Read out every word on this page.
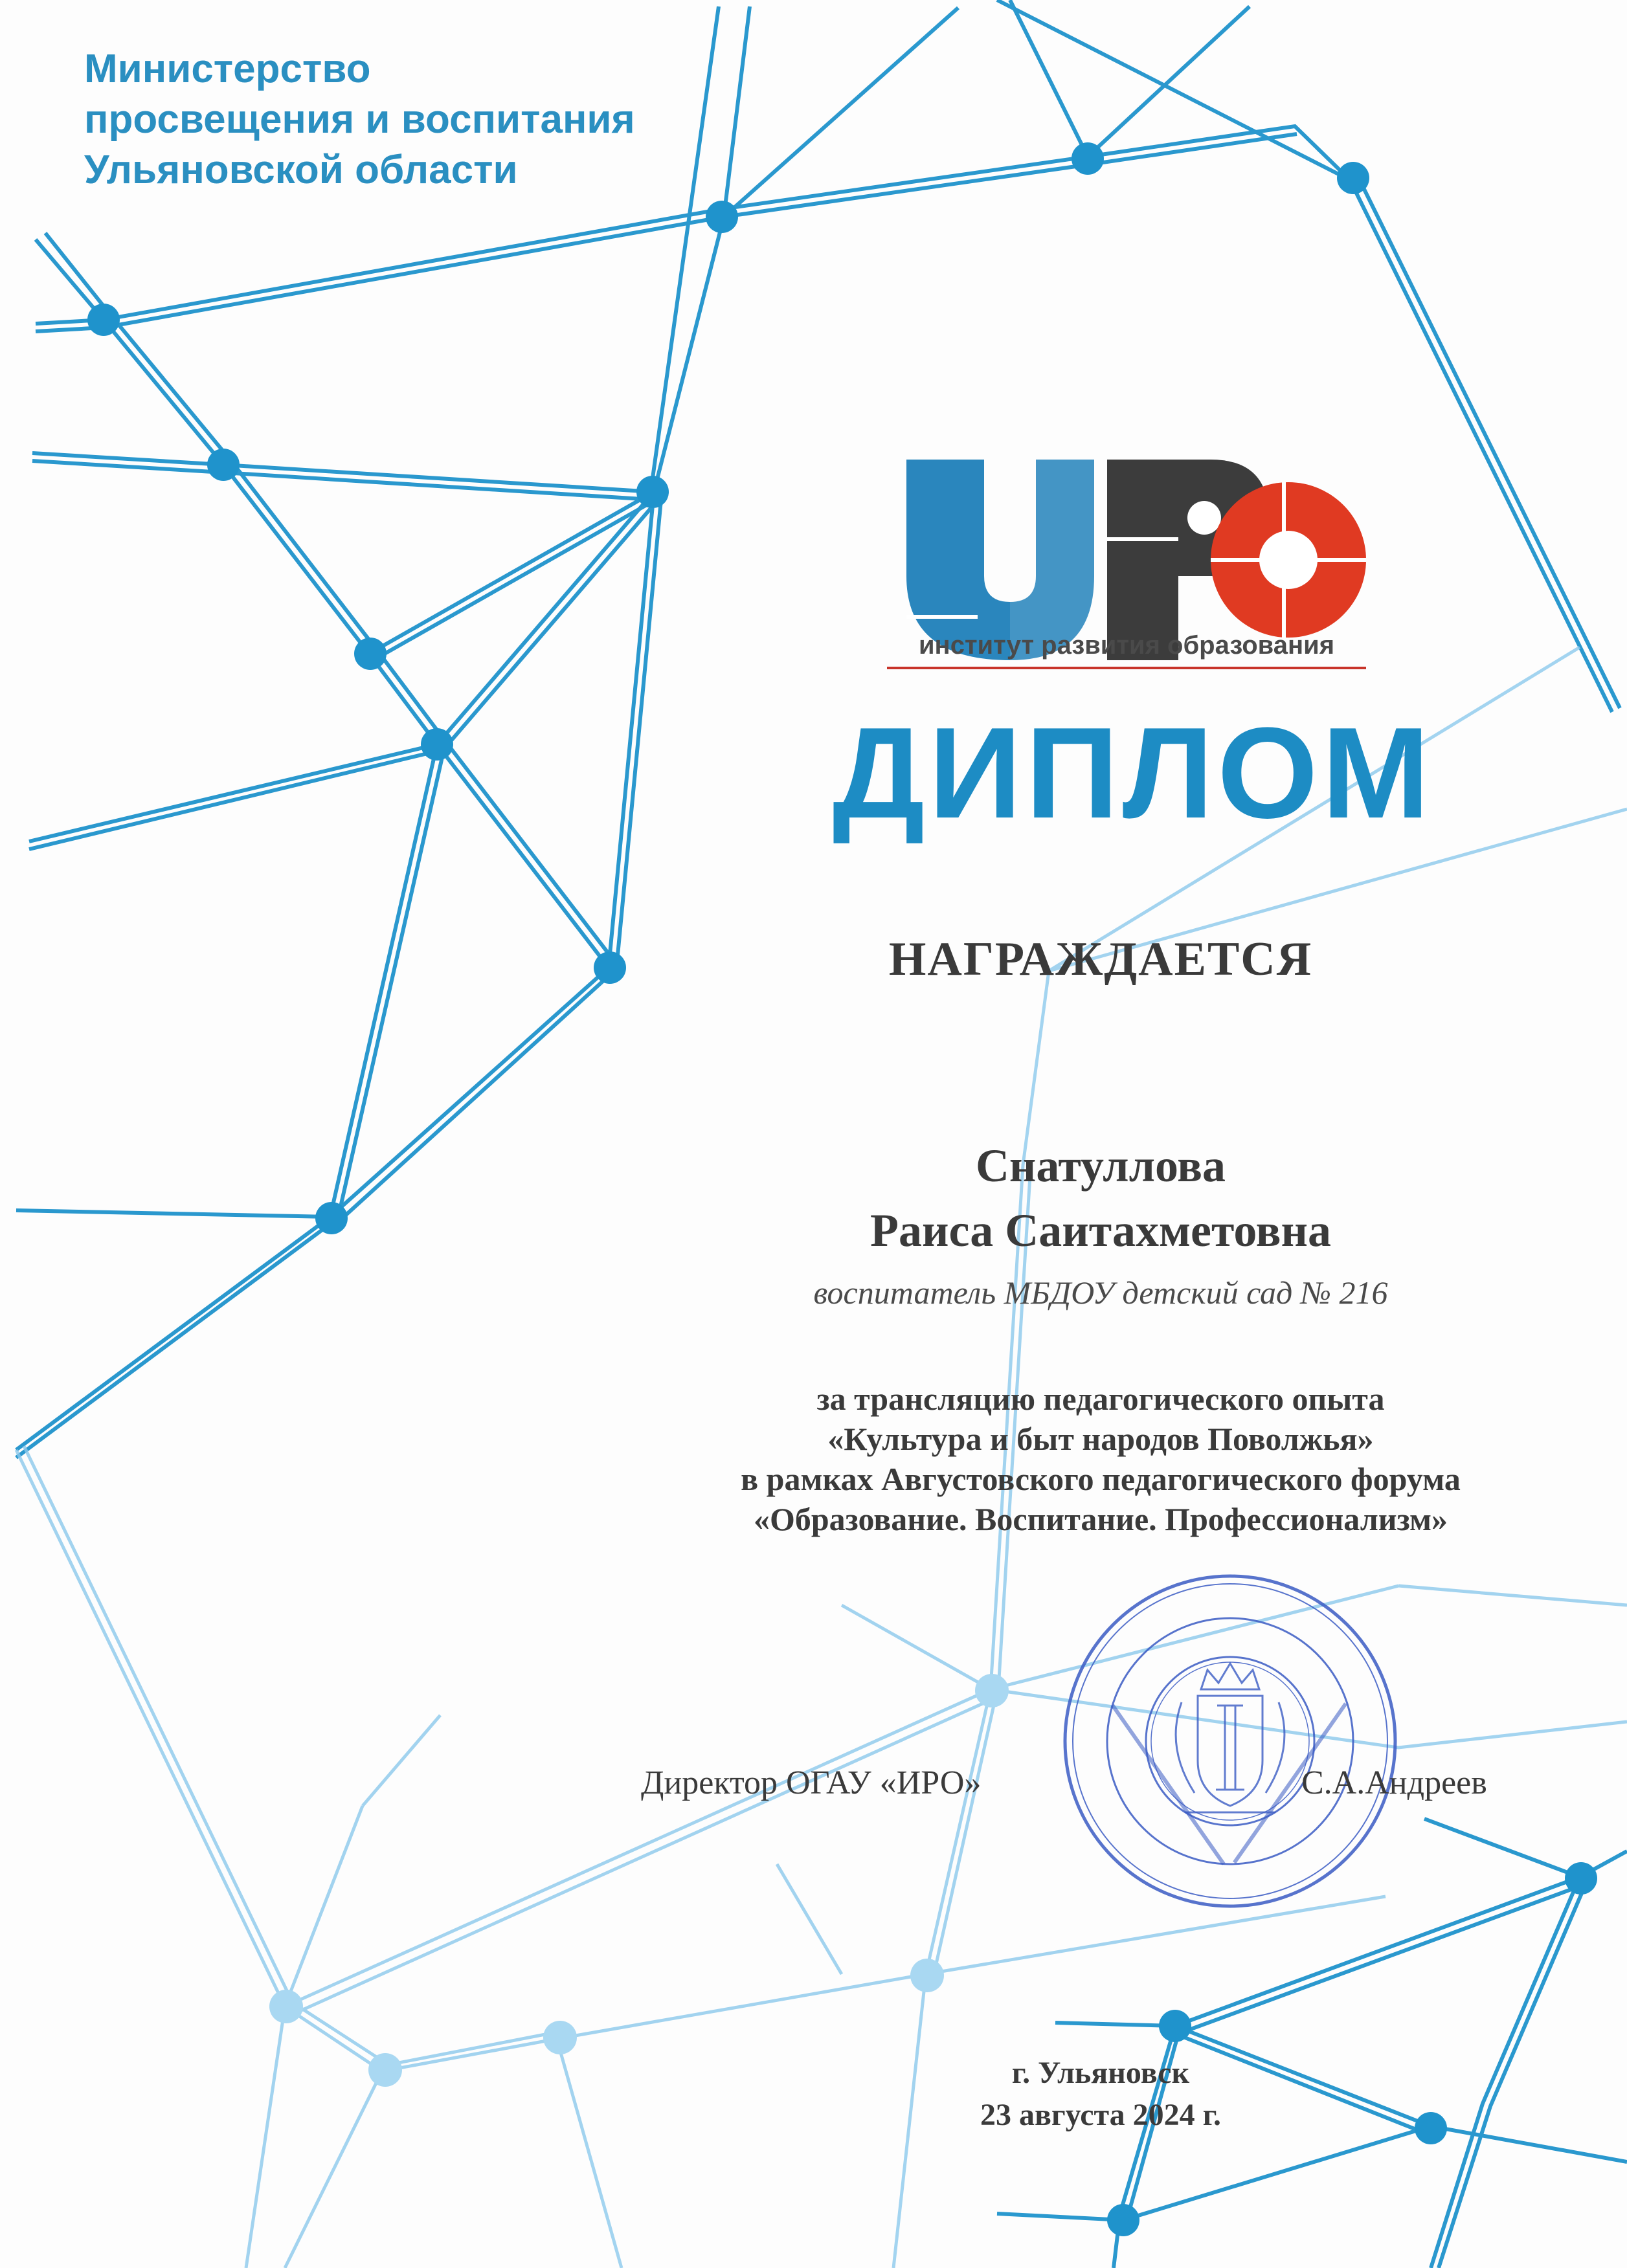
Министерство
просвещения и воспитания
Ульяновской области
институт развития образования
ДИПЛОМ
НАГРАЖДАЕТСЯ
Снатуллова
Раиса Саитахметовна
воспитатель МБДОУ детский сад № 216
за трансляцию педагогического опыта
«Культура и быт народов Поволжья»
в рамках Августовского педагогического форума
«Образование. Воспитание. Профессионализм»
Директор ОГАУ «ИРО»	С.А.Андреев
г. Ульяновск
23 августа 2024 г.
